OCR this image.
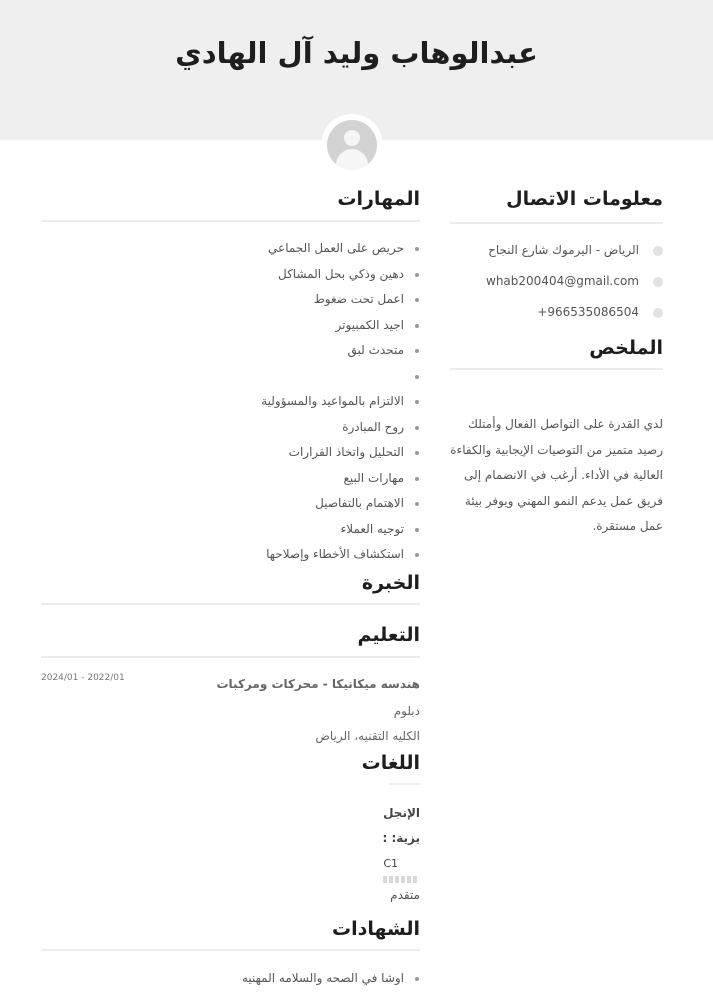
عبدالوهاب وليد آل الهادي
معلومات الاتصال
الرياض - اليرموك شارع النجاح
whab200404@gmail.com
+966535086504
الملخص
لدي القدرة على التواصل الفعال وأمتلك رصيد متميز من التوصيات الإيجابية والكفاءة العالية في الأداء. أرغب في الانضمام إلى فريق عمل يدعم النمو المهني ويوفر بيئة عمل مستقرة.
المهارات
حريص على العمل الجماعي
دهين وذكي بحل المشاكل
اعمل تحت ضغوط
اجيد الكمبيوتر
متحدث لبق
الالتزام بالمواعيد والمسؤولية
روح المبادرة
التحليل واتخاذ القرارات
مهارات البيع
الاهتمام بالتفاصيل
توجيه العملاء
استكشاف الأخطاء وإصلاحها
الخبرة
التعليم
هندسه ميكانيكا - محركات ومركبات
2024/01 - 2022/01
دبلوم
الكليه التقنيه، الرياض
اللغات
الإنجل
يزية: :
C1
متقدم
الشهادات
اوشا في الصحه والسلامه المهنيه
